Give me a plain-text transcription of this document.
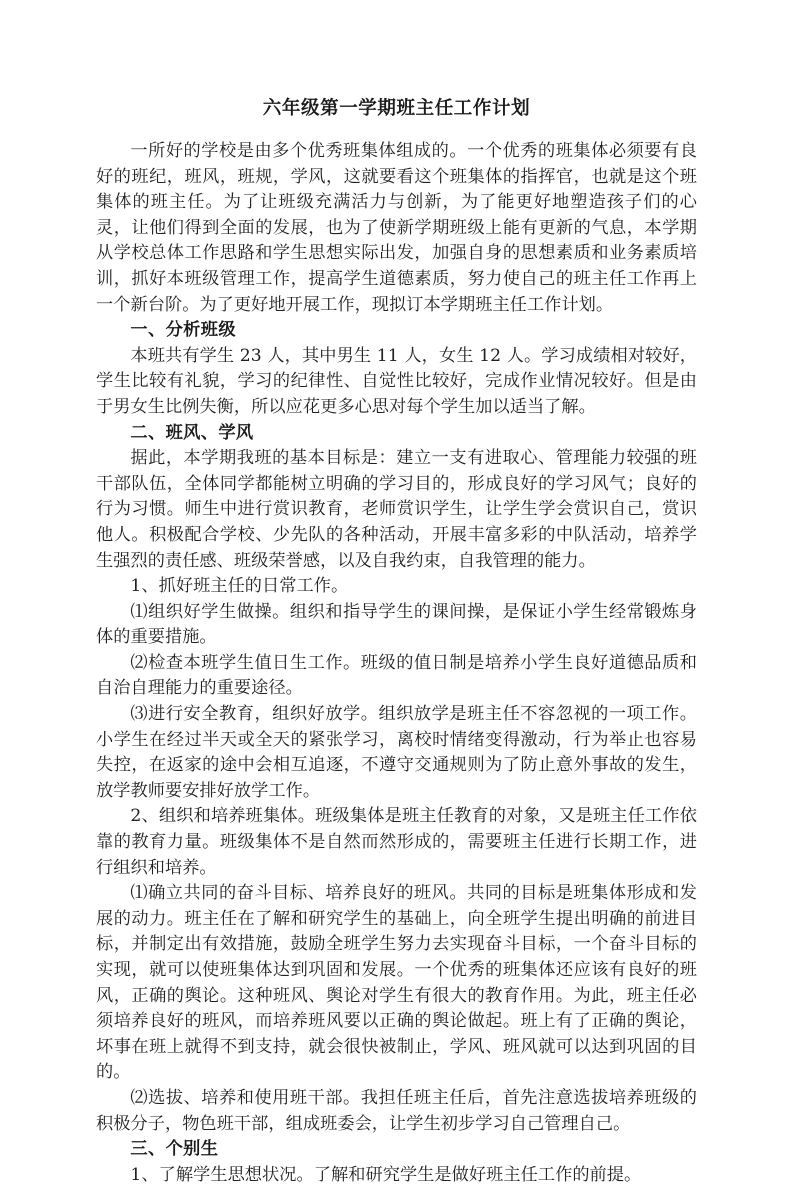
六年级第一学期班主任工作计划

一所好的学校是由多个优秀班集体组成的。一个优秀的班集体必须要有良好的班纪，班风，班规，学风，这就要看这个班集体的指挥官，也就是这个班集体的班主任。为了让班级充满活力与创新，为了能更好地塑造孩子们的心灵，让他们得到全面的发展，也为了使新学期班级上能有更新的气息，本学期从学校总体工作思路和学生思想实际出发，加强自身的思想素质和业务素质培训，抓好本班级管理工作，提高学生道德素质，努力使自己的班主任工作再上一个新台阶。为了更好地开展工作，现拟订本学期班主任工作计划。

一、分析班级

本班共有学生 23 人，其中男生 11 人，女生 12 人。学习成绩相对较好，学生比较有礼貌，学习的纪律性、自觉性比较好，完成作业情况较好。但是由于男女生比例失衡，所以应花更多心思对每个学生加以适当了解。

二、班风、学风

据此，本学期我班的基本目标是：建立一支有进取心、管理能力较强的班干部队伍，全体同学都能树立明确的学习目的，形成良好的学习风气；良好的行为习惯。师生中进行赏识教育，老师赏识学生，让学生学会赏识自己，赏识他人。积极配合学校、少先队的各种活动，开展丰富多彩的中队活动，培养学生强烈的责任感、班级荣誉感，以及自我约束，自我管理的能力。

1、抓好班主任的日常工作。

⑴组织好学生做操。组织和指导学生的课间操，是保证小学生经常锻炼身体的重要措施。

⑵检查本班学生值日生工作。班级的值日制是培养小学生良好道德品质和自治自理能力的重要途径。

⑶进行安全教育，组织好放学。组织放学是班主任不容忽视的一项工作。小学生在经过半天或全天的紧张学习，离校时情绪变得激动，行为举止也容易失控，在返家的途中会相互追逐，不遵守交通规则为了防止意外事故的发生，放学教师要安排好放学工作。

2、组织和培养班集体。班级集体是班主任教育的对象，又是班主任工作依靠的教育力量。班级集体不是自然而然形成的，需要班主任进行长期工作，进行组织和培养。

⑴确立共同的奋斗目标、培养良好的班风。共同的目标是班集体形成和发展的动力。班主任在了解和研究学生的基础上，向全班学生提出明确的前进目标，并制定出有效措施，鼓励全班学生努力去实现奋斗目标，一个奋斗目标的实现，就可以使班集体达到巩固和发展。一个优秀的班集体还应该有良好的班风，正确的舆论。这种班风、舆论对学生有很大的教育作用。为此，班主任必须培养良好的班风，而培养班风要以正确的舆论做起。班上有了正确的舆论，坏事在班上就得不到支持，就会很快被制止，学风、班风就可以达到巩固的目的。

⑵选拔、培养和使用班干部。我担任班主任后，首先注意选拔培养班级的积极分子，物色班干部，组成班委会，让学生初步学习自己管理自己。

三、个别生

1、了解学生思想状况。了解和研究学生是做好班主任工作的前提。
